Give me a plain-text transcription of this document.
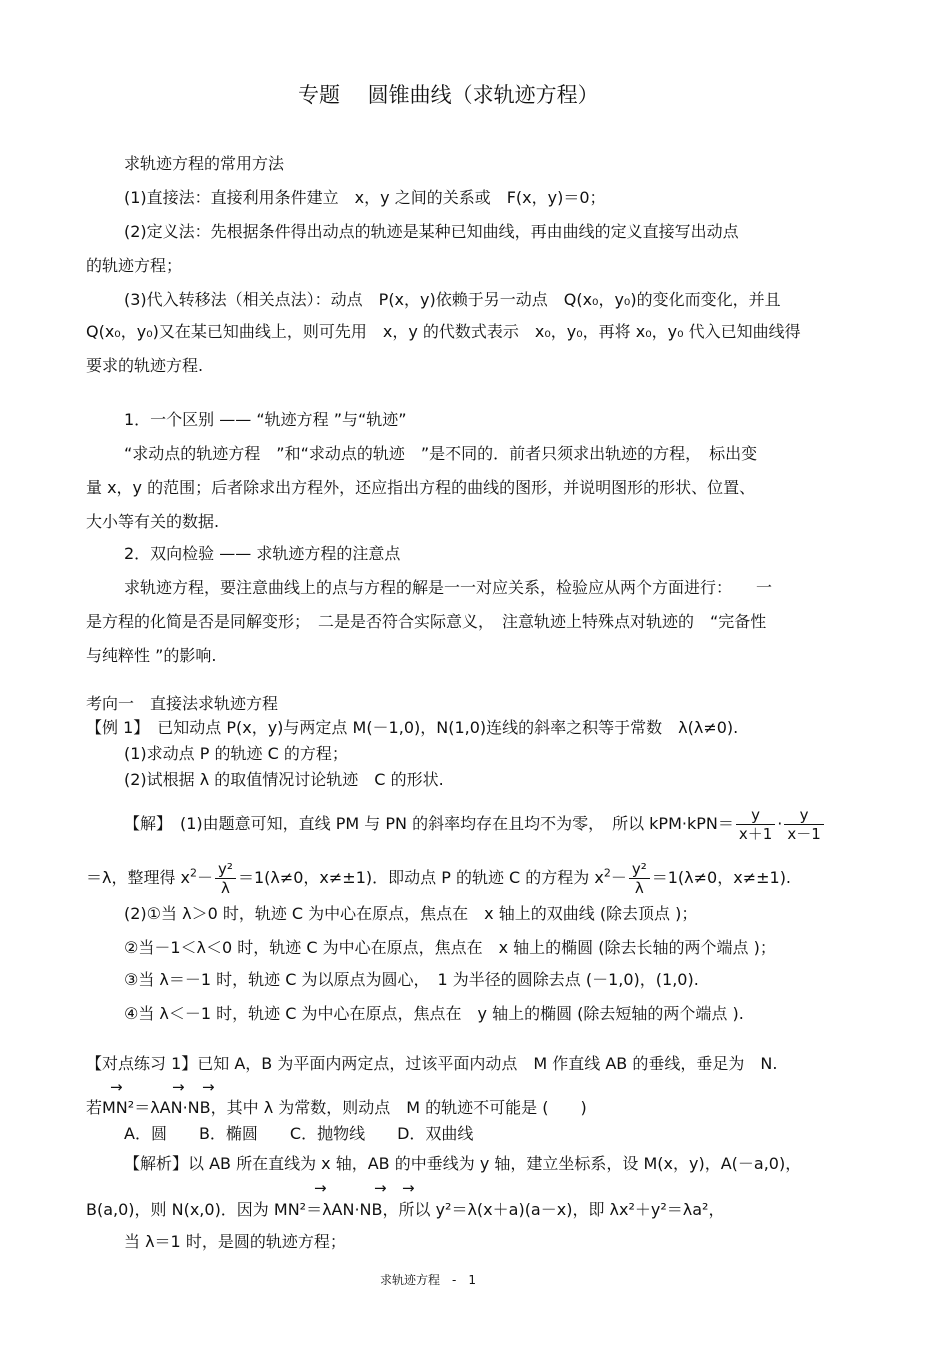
专题　 圆锥曲线（求轨迹方程）
求轨迹方程的常用方法
(1)直接法：直接利用条件建立　x，y 之间的关系或　F(x，y)＝0；
(2)定义法：先根据条件得出动点的轨迹是某种已知曲线，再由曲线的定义直接写出动点
的轨迹方程；
(3)代入转移法（相关点法）：动点　P(x，y)依赖于另一动点　Q(x₀，y₀)的变化而变化，并且
Q(x₀，y₀)又在某已知曲线上，则可先用　x，y 的代数式表示　x₀，y₀，再将 x₀，y₀ 代入已知曲线得
要求的轨迹方程.
1．一个区别 —— “轨迹方程 ”与“轨迹”
“求动点的轨迹方程　”和“求动点的轨迹　”是不同的．前者只须求出轨迹的方程，　标出变
量 x，y 的范围；后者除求出方程外，还应指出方程的曲线的图形，并说明图形的形状、位置、
大小等有关的数据.
2．双向检验 —— 求轨迹方程的注意点
求轨迹方程，要注意曲线上的点与方程的解是一一对应关系，检验应从两个方面进行：　　一
是方程的化简是否是同解变形；　二是是否符合实际意义，　注意轨迹上特殊点对轨迹的　“完备性
与纯粹性 ”的影响.
考向一　直接法求轨迹方程
【例 1】　已知动点 P(x，y)与两定点 M(－1,0)，N(1,0)连线的斜率之积等于常数　λ(λ≠0).
(1)求动点 P 的轨迹 C 的方程；
(2)试根据 λ 的取值情况讨论轨迹　C 的形状.
【解】　(1)由题意可知，直线 PM 与 PN 的斜率均存在且均不为零，　所以 $kPM\cdot kPN= \frac{y}{x+1} \cdot \frac{y}{x-1}$
＝λ，整理得 $x^2- \frac{\text{y²}}{\lambda} =1(\lambda\ne 0$，x≠±1)．即动点 P 的轨迹 C 的方程为 $x^2- \frac{\text{y²}}{\lambda} =1(\lambda\ne 0$，x≠±1).
(2)①当 λ＞0 时，轨迹 C 为中心在原点，焦点在　x 轴上的双曲线 (除去顶点 )；
②当－1＜λ＜0 时，轨迹 C 为中心在原点，焦点在　x 轴上的椭圆 (除去长轴的两个端点 )；
③当 λ＝－1 时，轨迹 C 为以原点为圆心，　1 为半径的圆除去点 (－1,0)，(1,0).
④当 λ＜－1 时，轨迹 C 为中心在原点，焦点在　y 轴上的椭圆 (除去短轴的两个端点 ).
【对点练习 1】已知 A，B 为平面内两定点，过该平面内动点　M 作直线 AB 的垂线，垂足为　N.
→	→ →
若MN²＝λAN·NB，其中 λ 为常数，则动点　M 的轨迹不可能是 (　　)
A．圆　　B．椭圆　　C．抛物线　　D．双曲线
【解析】以 AB 所在直线为 x 轴，AB 的中垂线为 y 轴，建立坐标系，设 M(x，y)，A(－a,0)，
→	→ →
B(a,0)，则 N(x,0)．因为 MN²＝λAN·NB，所以 y²＝λ(x＋a)(a－x)，即 λx²＋y²＝λa²，
当 λ＝1 时，是圆的轨迹方程；
求轨迹方程　-　1
